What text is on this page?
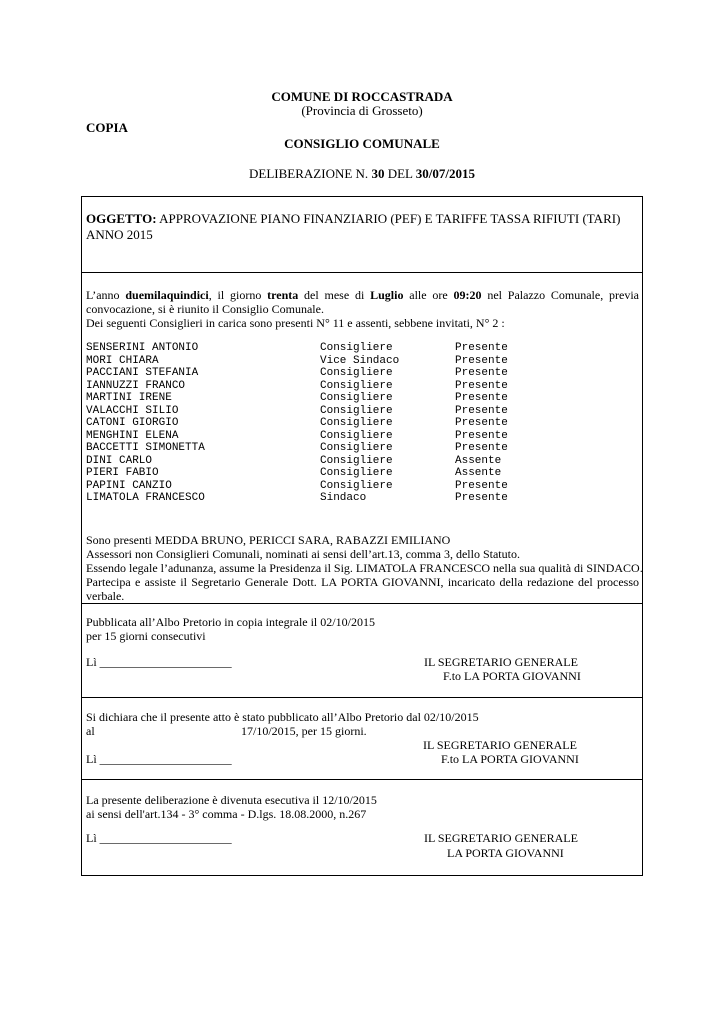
COMUNE DI ROCCASTRADA
(Provincia di Grosseto)
COPIA
CONSIGLIO COMUNALE
DELIBERAZIONE N. 30 DEL 30/07/2015
OGGETTO: APPROVAZIONE PIANO FINANZIARIO (PEF) E TARIFFE TASSA RIFIUTI (TARI)
ANNO 2015
L’anno duemilaquindici, il giorno trenta del mese di Luglio alle ore 09:20 nel Palazzo Comunale, previa convocazione, si è riunito il Consiglio Comunale.
Dei seguenti Consiglieri in carica sono presenti N° 11 e assenti, sebbene invitati, N° 2 :
SENSERINI ANTONIO	Consigliere	Presente
MORI CHIARA	Vice Sindaco	Presente
PACCIANI STEFANIA	Consigliere	Presente
IANNUZZI FRANCO	Consigliere	Presente
MARTINI IRENE	Consigliere	Presente
VALACCHI SILIO	Consigliere	Presente
CATONI GIORGIO	Consigliere	Presente
MENGHINI ELENA	Consigliere	Presente
BACCETTI SIMONETTA	Consigliere	Presente
DINI CARLO	Consigliere	Assente
PIERI FABIO	Consigliere	Assente
PAPINI CANZIO	Consigliere	Presente
LIMATOLA FRANCESCO	Sindaco	Presente
Sono presenti MEDDA BRUNO, PERICCI SARA, RABAZZI EMILIANO
Assessori non Consiglieri Comunali, nominati ai sensi dell’art.13, comma 3, dello Statuto.
Essendo legale l’adunanza, assume la Presidenza il Sig. LIMATOLA FRANCESCO nella sua qualità di SINDACO.
Partecipa e assiste il Segretario Generale Dott. LA PORTA GIOVANNI, incaricato della redazione del processo verbale.
Pubblicata all’Albo Pretorio in copia integrale il 02/10/2015
per 15 giorni consecutivi
Lì ______________________	IL SEGRETARIO GENERALE
F.to LA PORTA GIOVANNI
Si dichiara che il presente atto è stato pubblicato all’Albo Pretorio dal 02/10/2015
al	17/10/2015, per 15 giorni.
IL SEGRETARIO GENERALE
Lì ______________________	F.to LA PORTA GIOVANNI
La presente deliberazione è divenuta esecutiva il 12/10/2015
ai sensi dell'art.134 - 3° comma - D.lgs. 18.08.2000, n.267
Lì ______________________	IL SEGRETARIO GENERALE
LA PORTA GIOVANNI
